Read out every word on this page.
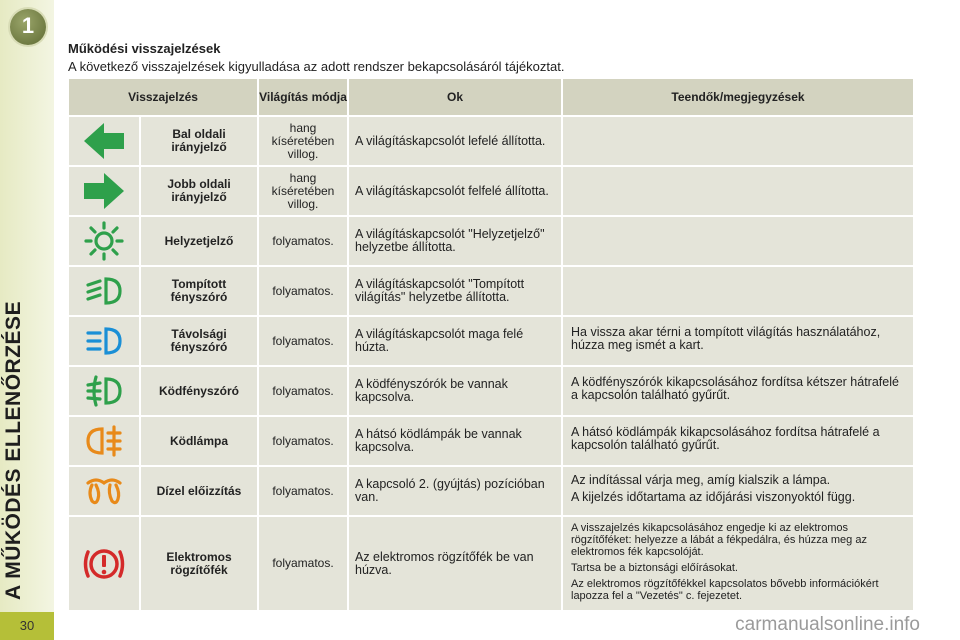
1
A MŰKÖDÉS ELLENŐRZÉSE
30
Működési visszajelzések
A következő visszajelzések kigyulladása az adott rendszer bekapcsolásáról tájékoztat.
Visszajelzés		Világítás módja	Ok	Teendők/megjegyzések

	Bal oldali irányjelző	hang kíséretében villog.	A világításkapcsolót lefelé állította.	

	Jobb oldali irányjelző	hang kíséretében villog.	A világításkapcsolót felfelé állította.	

	Helyzetjelző	folyamatos.	A világításkapcsolót "Helyzetjelző" helyzetbe állította.	

	Tompított fényszóró	folyamatos.	A világításkapcsolót "Tompított világítás" helyzetbe állította.	

	Távolsági fényszóró	folyamatos.	A világításkapcsolót maga felé húzta.	Ha vissza akar térni a tompított világítás használatához, húzza meg ismét a kart.

	Ködfényszóró	folyamatos.	A ködfényszórók be vannak kapcsolva.	A ködfényszórók kikapcsolásához fordítsa kétszer hátrafelé a kapcsolón található gyűrűt.

	Ködlámpa	folyamatos.	A hátsó ködlámpák be vannak kapcsolva.	A hátsó ködlámpák kikapcsolásához fordítsa hátrafelé a kapcsolón található gyűrűt.

	Dízel előizzítás	folyamatos.	A kapcsoló 2. (gyújtás) pozícióban van.	Az indítással várja meg, amíg kialszik a lámpa.

A kijelzés időtartama az időjárási viszonyoktól függ.

	Elektromos rögzítőfék	folyamatos.	Az elektromos rögzítőfék be van húzva.	A visszajelzés kikapcsolásához engedje ki az elektromos rögzítőféket: helyezze a lábát a fékpedálra, és húzza meg az elektromos fék kapcsolóját.

Tartsa be a biztonsági előírásokat.

Az elektromos rögzítőfékkel kapcsolatos bővebb információkért lapozza fel a "Vezetés" c. fejezetet.

carmanualsonline.info
